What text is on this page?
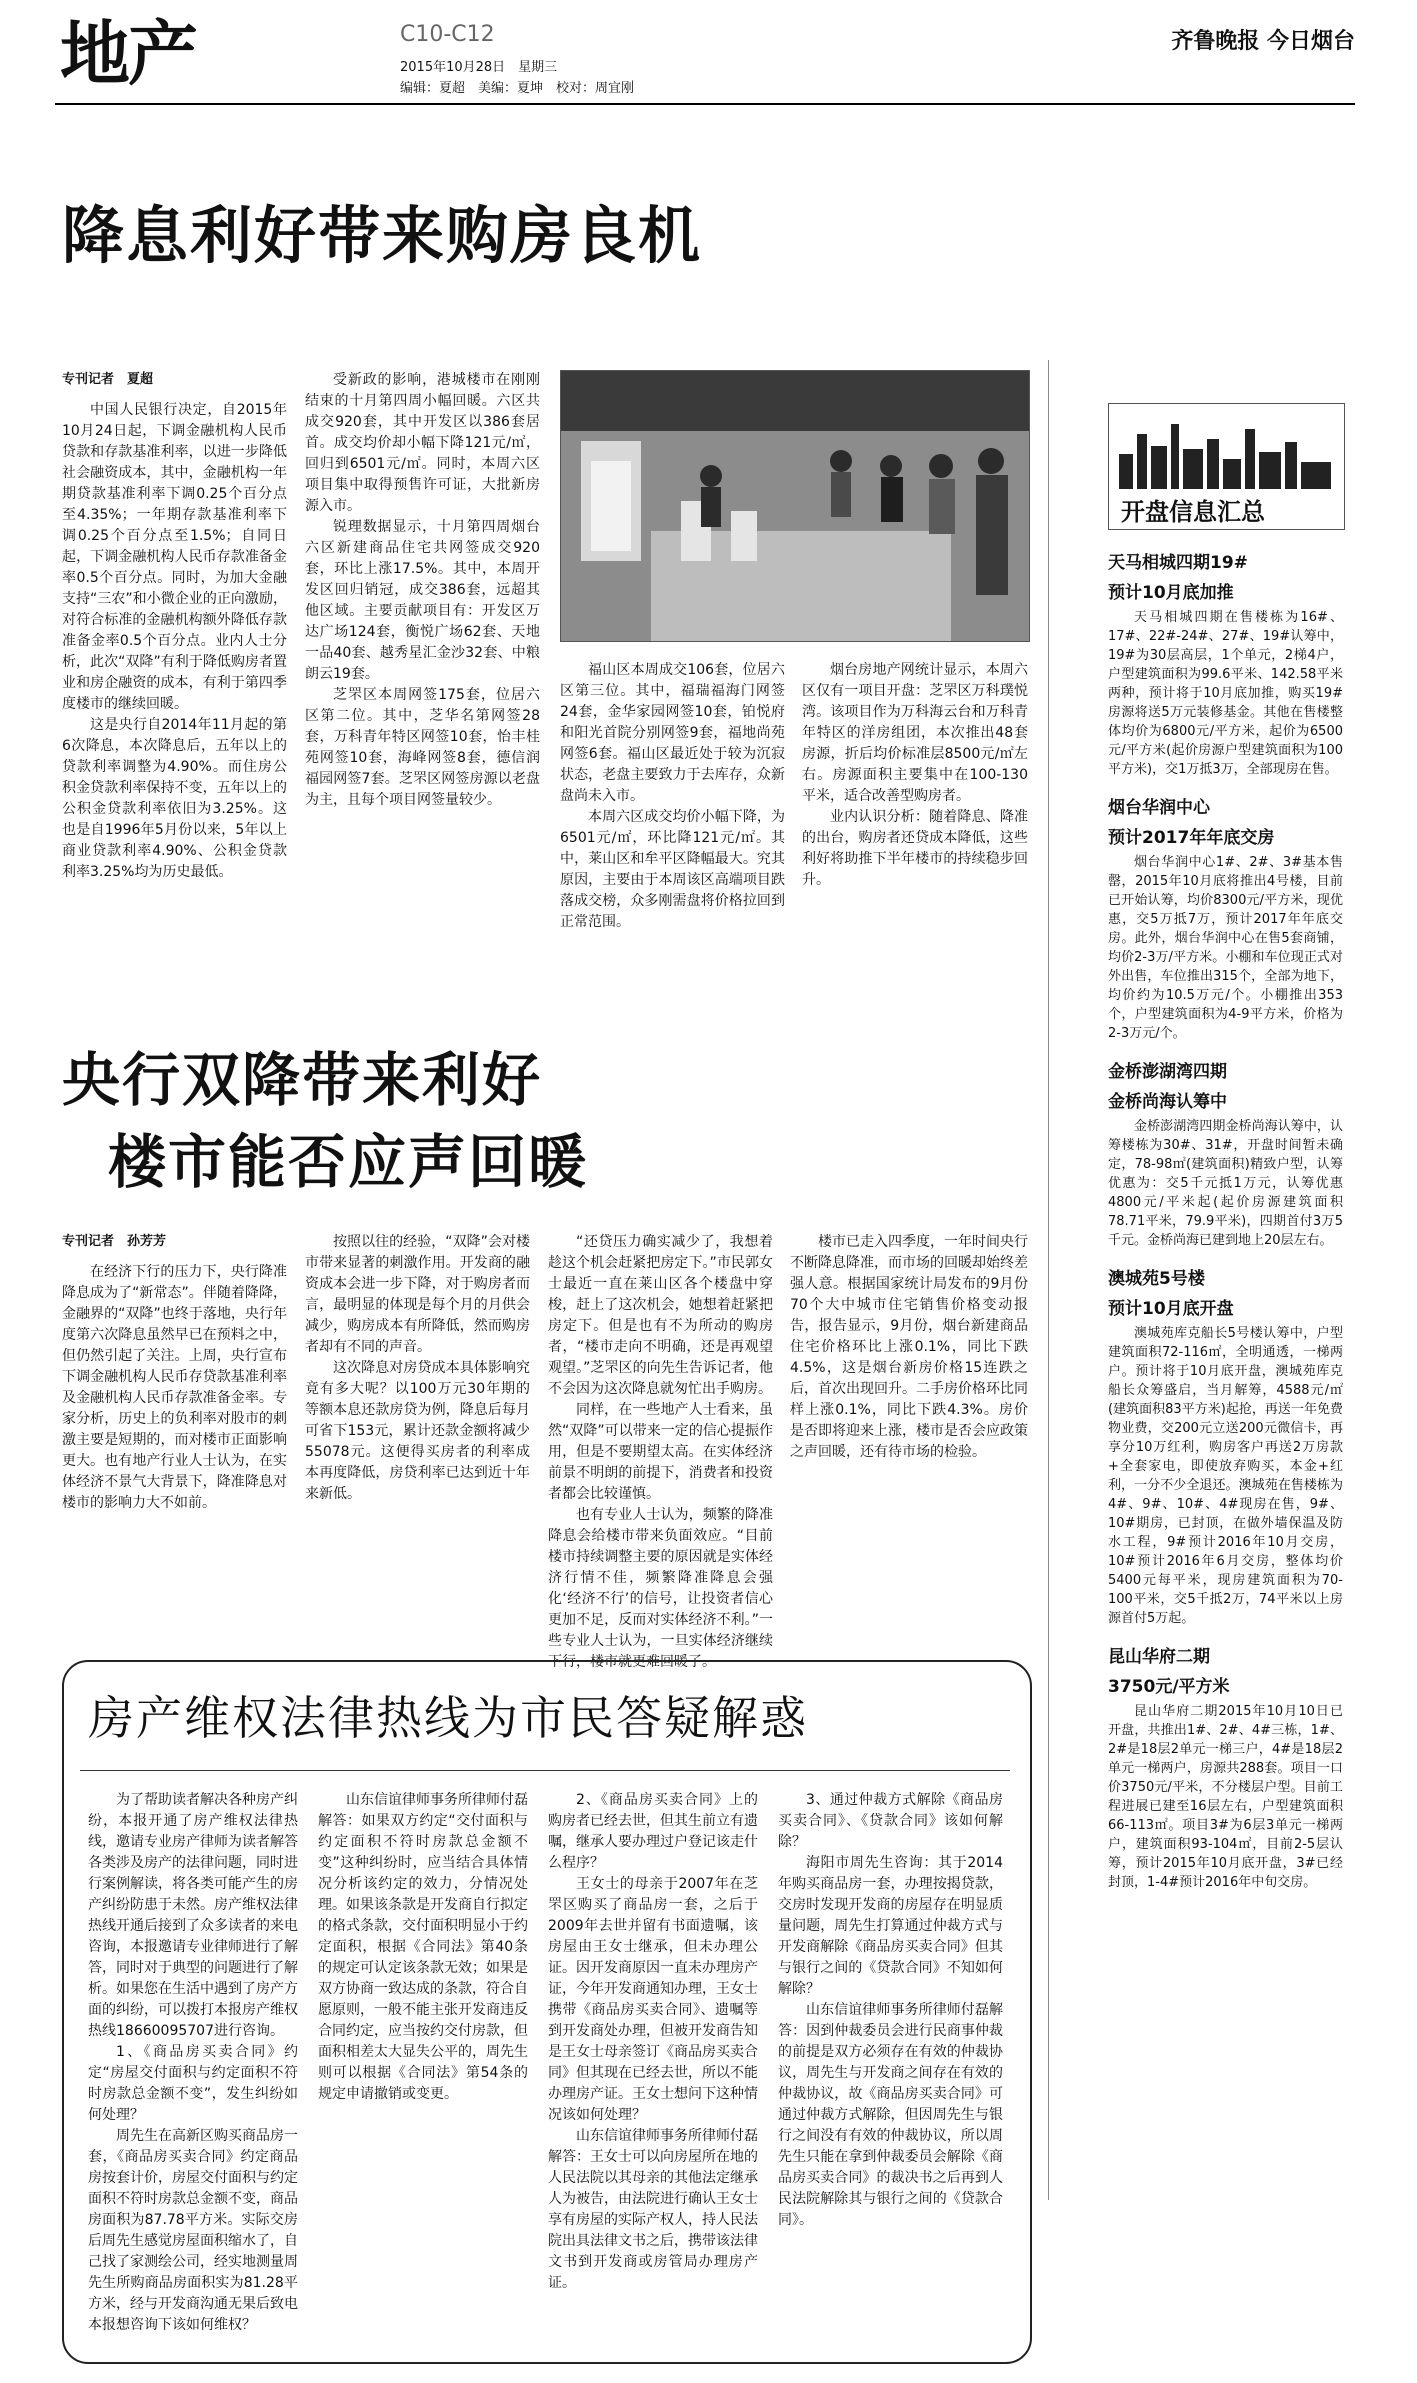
地产	C10-C12
2015年10月28日　星期三
编辑：夏超　美编：夏坤　校对：周宜刚
齐鲁晚报 今日烟台
降息利好带来购房良机
专刊记者　夏超

中国人民银行决定，自2015年10月24日起，下调金融机构人民币贷款和存款基准利率，以进一步降低社会融资成本，其中，金融机构一年期贷款基准利率下调0.25个百分点至4.35%；一年期存款基准利率下调0.25个百分点至1.5%；自同日起，下调金融机构人民币存款准备金率0.5个百分点。同时，为加大金融支持“三农”和小微企业的正向激励，对符合标准的金融机构额外降低存款准备金率0.5个百分点。业内人士分析，此次“双降”有利于降低购房者置业和房企融资的成本，有利于第四季度楼市的继续回暖。

这是央行自2014年11月起的第6次降息，本次降息后，五年以上的贷款利率调整为4.90%。而住房公积金贷款利率保持不变，五年以上的公积金贷款利率依旧为3.25%。这也是自1996年5月份以来，5年以上商业贷款利率4.90%、公积金贷款利率3.25%均为历史最低。

受新政的影响，港城楼市在刚刚结束的十月第四周小幅回暖。六区共成交920套，其中开发区以386套居首。成交均价却小幅下降121元/㎡，回归到6501元/㎡。同时，本周六区项目集中取得预售许可证，大批新房源入市。

锐理数据显示，十月第四周烟台六区新建商品住宅共网签成交920套，环比上涨17.5%。其中，本周开发区回归销冠，成交386套，远超其他区域。主要贡献项目有：开发区万达广场124套，衡悦广场62套、天地一品40套、越秀星汇金沙32套、中粮朗云19套。

芝罘区本周网签175套，位居六区第二位。其中，芝华名第网签28套，万科青年特区网签10套，怡丰桂苑网签10套，海峰网签8套，德信润福园网签7套。芝罘区网签房源以老盘为主，且每个项目网签量较少。

福山区本周成交106套，位居六区第三位。其中，福瑞福海门网签24套，金华家园网签10套，铂悦府和阳光首院分别网签9套，福地尚苑网签6套。福山区最近处于较为沉寂状态，老盘主要致力于去库存，众新盘尚未入市。

本周六区成交均价小幅下降，为6501元/㎡，环比降121元/㎡。其中，莱山区和牟平区降幅最大。究其原因，主要由于本周该区高端项目跌落成交榜，众多刚需盘将价格拉回到正常范围。

烟台房地产网统计显示，本周六区仅有一项目开盘：芝罘区万科璞悦湾。该项目作为万科海云台和万科青年特区的洋房组团，本次推出48套房源，折后均价标准层8500元/㎡左右。房源面积主要集中在100-130平米，适合改善型购房者。

业内认识分析：随着降息、降准的出台，购房者还贷成本降低，这些利好将助推下半年楼市的持续稳步回升。

开盘信息汇总
天马相城四期19#
预计10月底加推

天马相城四期在售楼栋为16#、17#、22#-24#、27#、19#认筹中，19#为30层高层，1个单元，2梯4户，户型建筑面积为99.6平米、142.58平米两种，预计将于10月底加推，购买19#房源将送5万元装修基金。其他在售楼整体均价为6800元/平方米，起价为6500元/平方米(起价房源户型建筑面积为100平方米)，交1万抵3万，全部现房在售。

烟台华润中心
预计2017年年底交房

烟台华润中心1#、2#、3#基本售罄，2015年10月底将推出4号楼，目前已开始认筹，均价8300元/平方米，现优惠，交5万抵7万，预计2017年年底交房。此外，烟台华润中心在售5套商铺，均价2-3万/平方米。小棚和车位现正式对外出售，车位推出315个，全部为地下，均价约为10.5万元/个。小棚推出353个，户型建筑面积为4-9平方米，价格为2-3万元/个。

金桥澎湖湾四期
金桥尚海认筹中

金桥澎湖湾四期金桥尚海认筹中，认筹楼栋为30#、31#，开盘时间暂未确定，78-98㎡(建筑面积)精致户型，认筹优惠为：交5千元抵1万元，认筹优惠4800元/平米起(起价房源建筑面积78.71平米，79.9平米)，四期首付3万5千元。金桥尚海已建到地上20层左右。

澳城苑5号楼
预计10月底开盘

澳城苑库克船长5号楼认筹中，户型建筑面积72-116㎡，全明通透，一梯两户。预计将于10月底开盘，澳城苑库克船长众筹盛启，当月解筹，4588元/㎡(建筑面积83平方米)起抢，再送一年免费物业费，交200元立送200元微信卡，再享分10万红利，购房客户再送2万房款+全套家电，即使放弃购买，本金+红利，一分不少全退还。澳城苑在售楼栋为4#、9#、10#、4#现房在售，9#、10#期房，已封顶，在做外墙保温及防水工程，9#预计2016年10月交房，10#预计2016年6月交房，整体均价5400元每平米，现房建筑面积为70-100平米，交5千抵2万，74平米以上房源首付5万起。

昆山华府二期
3750元/平方米

昆山华府二期2015年10月10日已开盘，共推出1#、2#、4#三栋，1#、2#是18层2单元一梯三户，4#是18层2单元一梯两户，房源共288套。项目一口价3750元/平米，不分楼层户型。目前工程进展已建至16层左右，户型建筑面积66-113㎡。项目3#为6层3单元一梯两户，建筑面积93-104㎡，目前2-5层认筹，预计2015年10月底开盘，3#已经封顶，1-4#预计2016年中旬交房。

央行双降带来利好
楼市能否应声回暖
专刊记者　孙芳芳

在经济下行的压力下，央行降准降息成为了“新常态”。伴随着降降，金融界的“双降”也终于落地，央行年度第六次降息虽然早已在预料之中，但仍然引起了关注。上周，央行宣布下调金融机构人民币存贷款基准利率及金融机构人民币存款准备金率。专家分析，历史上的负利率对股市的刺激主要是短期的，而对楼市正面影响更大。也有地产行业人士认为，在实体经济不景气大背景下，降准降息对楼市的影响力大不如前。

按照以往的经验，“双降”会对楼市带来显著的刺激作用。开发商的融资成本会进一步下降，对于购房者而言，最明显的体现是每个月的月供会减少，购房成本有所降低，然而购房者却有不同的声音。

这次降息对房贷成本具体影响究竟有多大呢？以100万元30年期的等额本息还款房贷为例，降息后每月可省下153元，累计还款金额将减少55078元。这便得买房者的利率成本再度降低，房贷利率已达到近十年来新低。

“还贷压力确实减少了，我想着趁这个机会赶紧把房定下。”市民郭女士最近一直在莱山区各个楼盘中穿梭，赶上了这次机会，她想着赶紧把房定下。但是也有不为所动的购房者，“楼市走向不明确，还是再观望观望。”芝罘区的向先生告诉记者，他不会因为这次降息就匆忙出手购房。

同样，在一些地产人士看来，虽然“双降”可以带来一定的信心提振作用，但是不要期望太高。在实体经济前景不明朗的前提下，消费者和投资者都会比较谨慎。

也有专业人士认为，频繁的降准降息会给楼市带来负面效应。“目前楼市持续调整主要的原因就是实体经济行情不佳，频繁降准降息会强化‘经济不行’的信号，让投资者信心更加不足，反而对实体经济不利。”一些专业人士认为，一旦实体经济继续下行，楼市就更难回暖了。

楼市已走入四季度，一年时间央行不断降息降准，而市场的回暖却始终差强人意。根据国家统计局发布的9月份70个大中城市住宅销售价格变动报告，报告显示，9月份，烟台新建商品住宅价格环比上涨0.1%，同比下跌4.5%，这是烟台新房价格15连跌之后，首次出现回升。二手房价格环比同样上涨0.1%，同比下跌4.3%。房价是否即将迎来上涨，楼市是否会应政策之声回暖，还有待市场的检验。

房产维权法律热线为市民答疑解惑

为了帮助读者解决各种房产纠纷，本报开通了房产维权法律热线，邀请专业房产律师为读者解答各类涉及房产的法律问题，同时进行案例解读，将各类可能产生的房产纠纷防患于未然。房产维权法律热线开通后接到了众多读者的来电咨询，本报邀请专业律师进行了解答，同时对于典型的问题进行了解析。如果您在生活中遇到了房产方面的纠纷，可以拨打本报房产维权热线18660095707进行咨询。

1、《商品房买卖合同》约定“房屋交付面积与约定面积不符时房款总金额不变”，发生纠纷如何处理？

周先生在高新区购买商品房一套，《商品房买卖合同》约定商品房按套计价，房屋交付面积与约定面积不符时房款总金额不变，商品房面积为87.78平方米。实际交房后周先生感觉房屋面积缩水了，自己找了家测绘公司，经实地测量周先生所购商品房面积实为81.28平方米，经与开发商沟通无果后致电本报想咨询下该如何维权？

山东信谊律师事务所律师付磊解答：如果双方约定“交付面积与约定面积不符时房款总金额不变”这种纠纷时，应当结合具体情况分析该约定的效力，分情况处理。如果该条款是开发商自行拟定的格式条款，交付面积明显小于约定面积，根据《合同法》第40条的规定可认定该条款无效；如果是双方协商一致达成的条款，符合自愿原则，一般不能主张开发商违反合同约定，应当按约交付房款，但面积相差太大显失公平的，周先生则可以根据《合同法》第54条的规定申请撤销或变更。

2、《商品房买卖合同》上的购房者已经去世，但其生前立有遗嘱，继承人要办理过户登记该走什么程序？

王女士的母亲于2007年在芝罘区购买了商品房一套，之后于2009年去世并留有书面遗嘱，该房屋由王女士继承，但未办理公证。因开发商原因一直未办理房产证，今年开发商通知办理，王女士携带《商品房买卖合同》、遗嘱等到开发商处办理，但被开发商告知是王女士母亲签订《商品房买卖合同》但其现在已经去世，所以不能办理房产证。王女士想问下这种情况该如何处理？

山东信谊律师事务所律师付磊解答：王女士可以向房屋所在地的人民法院以其母亲的其他法定继承人为被告，由法院进行确认王女士享有房屋的实际产权人，持人民法院出具法律文书之后，携带该法律文书到开发商或房管局办理房产证。

3、通过仲裁方式解除《商品房买卖合同》、《贷款合同》该如何解除？

海阳市周先生咨询：其于2014年购买商品房一套，办理按揭贷款，交房时发现开发商的房屋存在明显质量问题，周先生打算通过仲裁方式与开发商解除《商品房买卖合同》但其与银行之间的《贷款合同》不知如何解除？

山东信谊律师事务所律师付磊解答：因到仲裁委员会进行民商事仲裁的前提是双方必须存在有效的仲裁协议，周先生与开发商之间存在有效的仲裁协议，故《商品房买卖合同》可通过仲裁方式解除，但因周先生与银行之间没有有效的仲裁协议，所以周先生只能在拿到仲裁委员会解除《商品房买卖合同》的裁决书之后再到人民法院解除其与银行之间的《贷款合同》。
